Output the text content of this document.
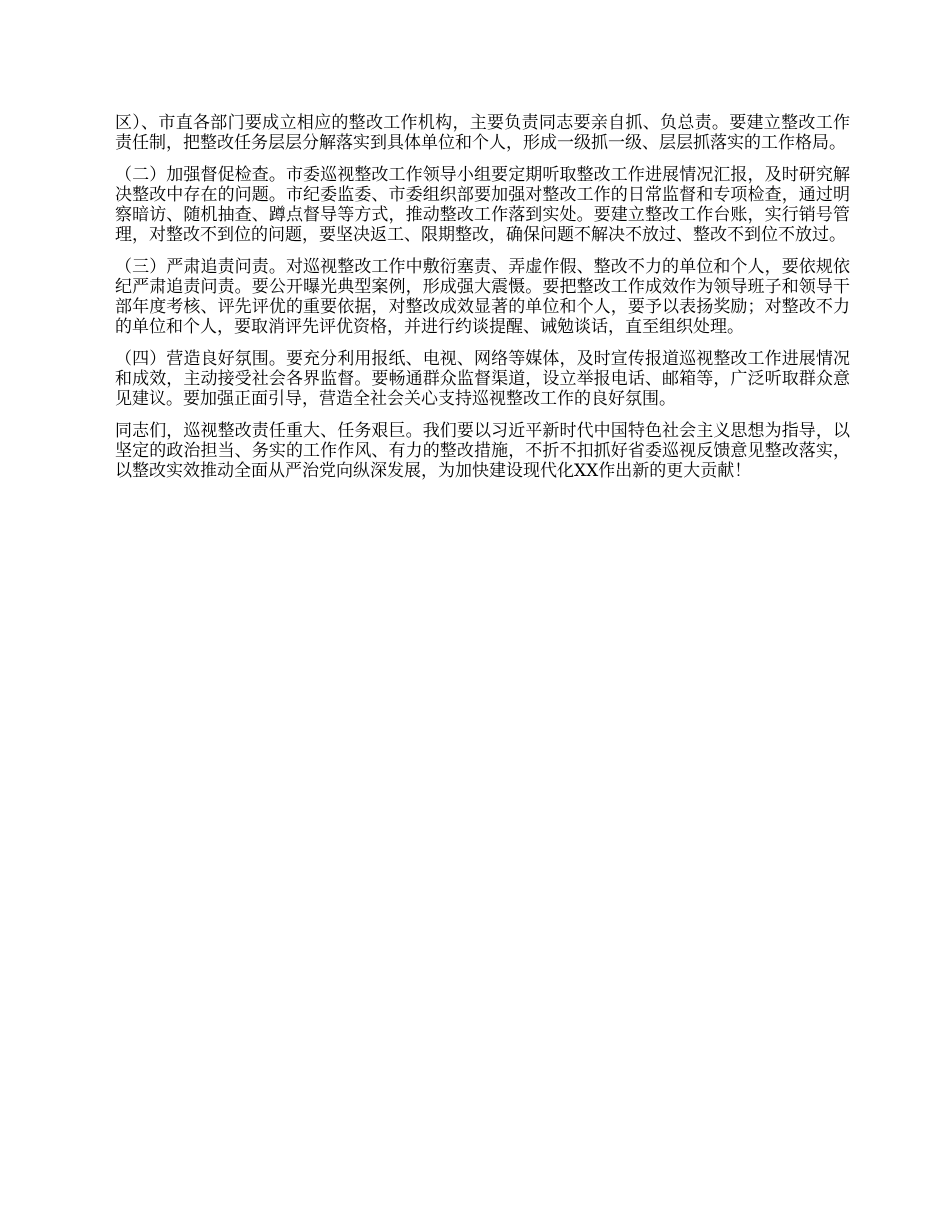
区）、市直各部门要成立相应的整改工作机构，主要负责同志要亲自抓、负总责。要建立整改工作责任制，把整改任务层层分解落实到具体单位和个人，形成一级抓一级、层层抓落实的工作格局。

（二）加强督促检查。市委巡视整改工作领导小组要定期听取整改工作进展情况汇报，及时研究解决整改中存在的问题。市纪委监委、市委组织部要加强对整改工作的日常监督和专项检查，通过明察暗访、随机抽查、蹲点督导等方式，推动整改工作落到实处。要建立整改工作台账，实行销号管理，对整改不到位的问题，要坚决返工、限期整改，确保问题不解决不放过、整改不到位不放过。

（三）严肃追责问责。对巡视整改工作中敷衍塞责、弄虚作假、整改不力的单位和个人，要依规依纪严肃追责问责。要公开曝光典型案例，形成强大震慑。要把整改工作成效作为领导班子和领导干部年度考核、评先评优的重要依据，对整改成效显著的单位和个人，要予以表扬奖励；对整改不力的单位和个人，要取消评先评优资格，并进行约谈提醒、诫勉谈话，直至组织处理。

（四）营造良好氛围。要充分利用报纸、电视、网络等媒体，及时宣传报道巡视整改工作进展情况和成效，主动接受社会各界监督。要畅通群众监督渠道，设立举报电话、邮箱等，广泛听取群众意见建议。要加强正面引导，营造全社会关心支持巡视整改工作的良好氛围。

同志们，巡视整改责任重大、任务艰巨。我们要以习近平新时代中国特色社会主义思想为指导，以坚定的政治担当、务实的工作作风、有力的整改措施，不折不扣抓好省委巡视反馈意见整改落实，以整改实效推动全面从严治党向纵深发展，为加快建设现代化XX作出新的更大贡献！
